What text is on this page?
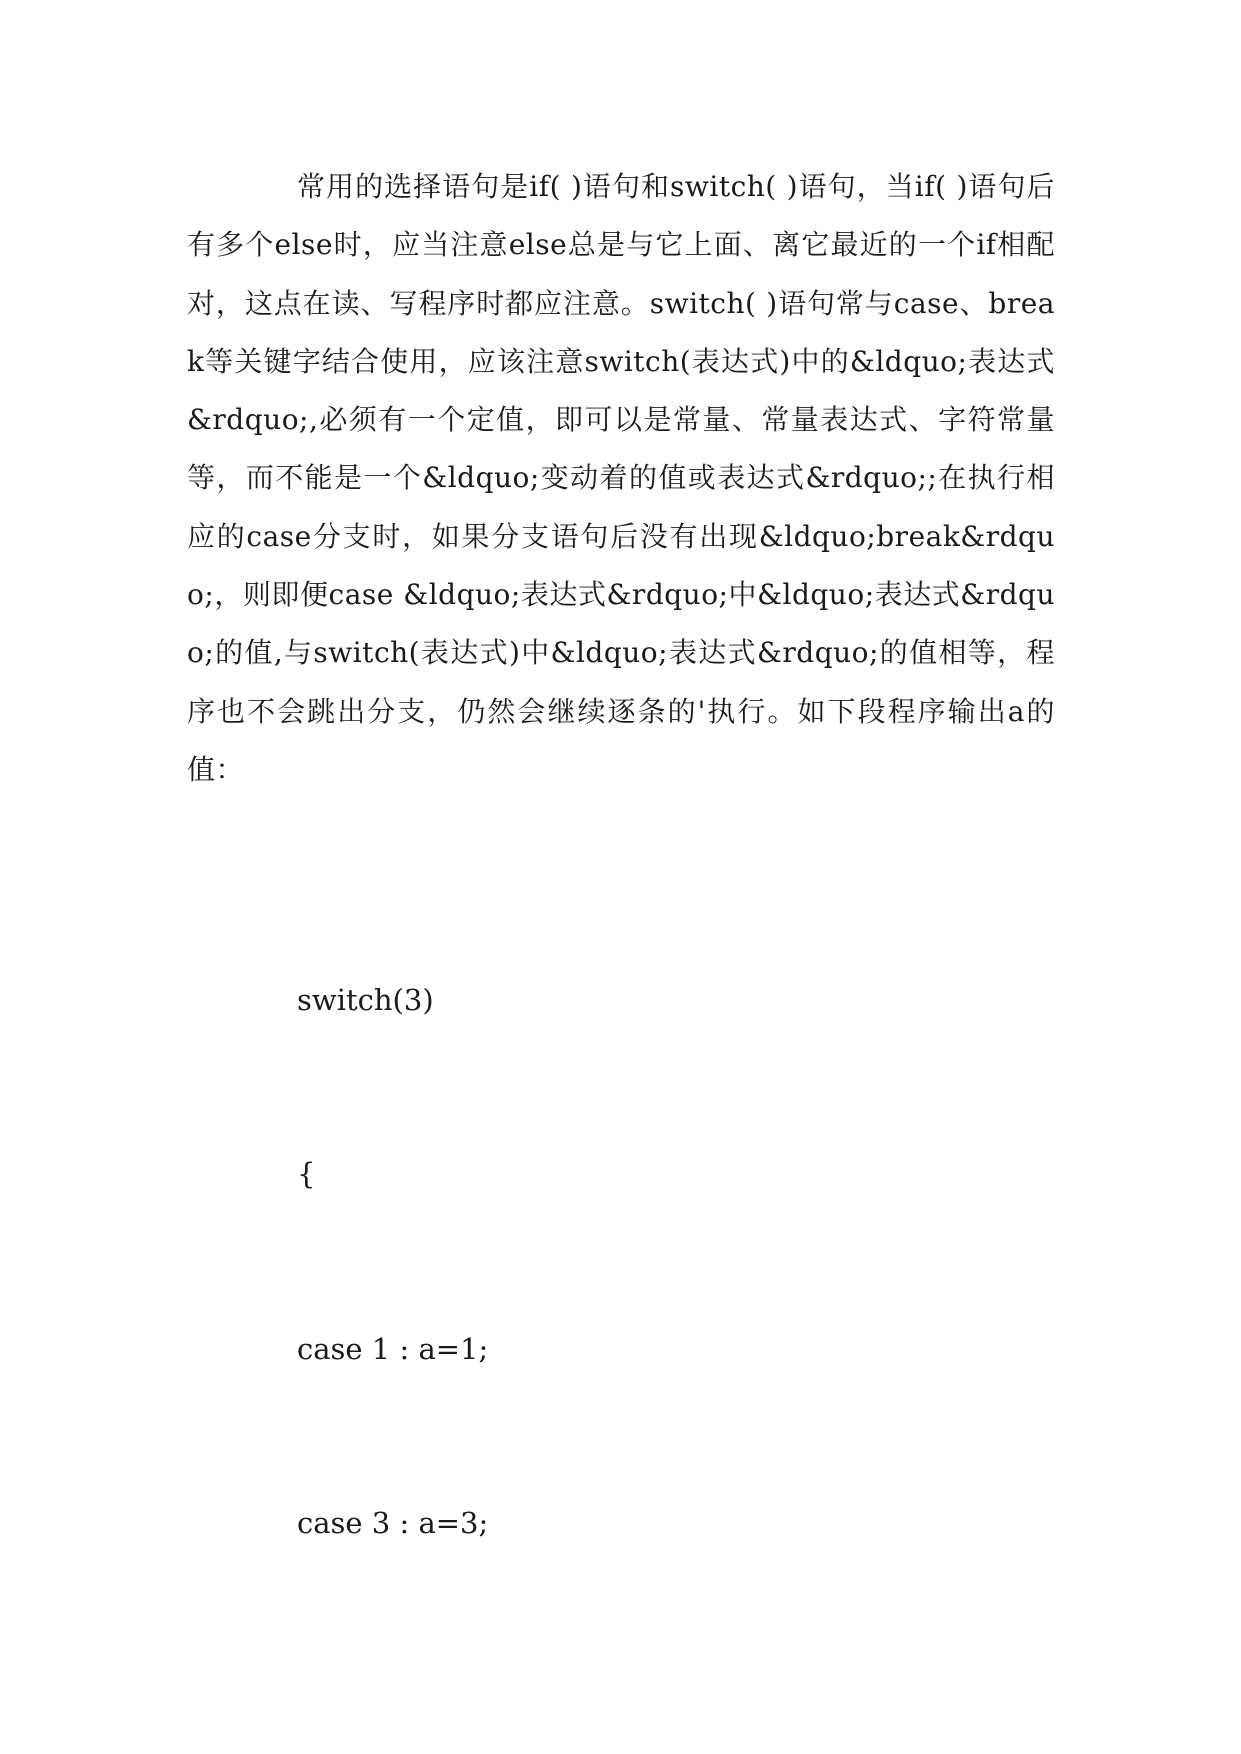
常用的选择语句是if( )语句和switch( )语句，当if( )语句后有多个else时，应当注意else总是与它上面、离它最近的一个if相配对，这点在读、写程序时都应注意。switch( )语句常与case、break等关键字结合使用，应该注意switch(表达式)中的&ldquo;表达式&rdquo;,必须有一个定值，即可以是常量、常量表达式、字符常量等，而不能是一个&ldquo;变动着的值或表达式&rdquo;;在执行相应的case分支时，如果分支语句后没有出现&ldquo;break&rdquo;，则即便case &ldquo;表达式&rdquo;中&ldquo;表达式&rdquo;的值,与switch(表达式)中&ldquo;表达式&rdquo;的值相等，程序也不会跳出分支，仍然会继续逐条的'执行。如下段程序输出a的值：

switch(3)
{
case 1 : a=1;
case 3 : a=3;
